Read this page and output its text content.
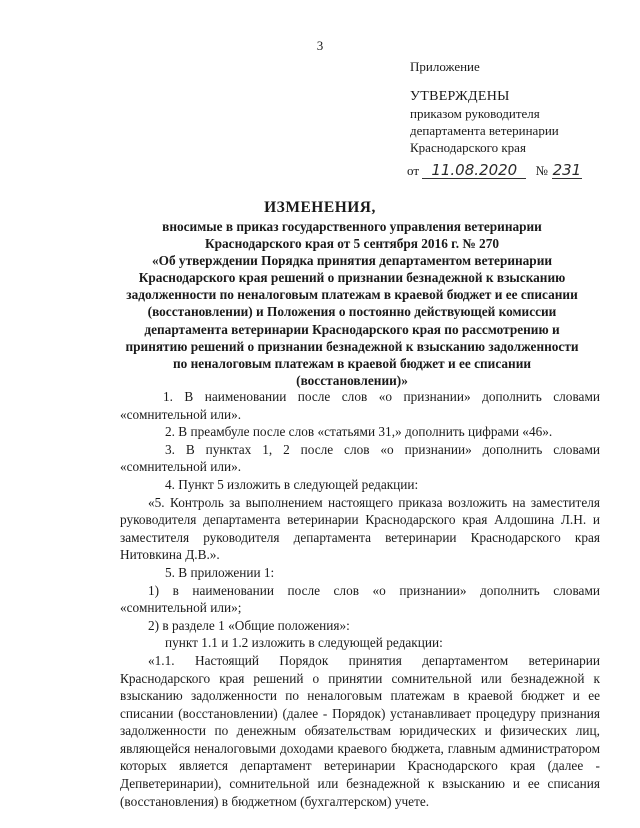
3
Приложение
УТВЕРЖДЕНЫ
приказом руководителя
департамента ветеринарии
Краснодарского края
от 11.08.2020 № 231
ИЗМЕНЕНИЯ,
вносимые в приказ государственного управления ветеринарии
Краснодарского края от 5 сентября 2016 г. № 270
«Об утверждении Порядка принятия департаментом ветеринарии
Краснодарского края решений о признании безнадежной к взысканию
задолженности по неналоговым платежам в краевой бюджет и ее списании
(восстановлении) и Положения о постоянно действующей комиссии
департамента ветеринарии Краснодарского края по рассмотрению и
принятию решений о признании безнадежной к взысканию задолженности
по неналоговым платежам в краевой бюджет и ее списании
(восстановлении)»

1. В наименовании после слов «о признании» дополнить словами «сомнительной или».

2. В преамбуле после слов «статьями 31,» дополнить цифрами «46».

3. В пунктах 1, 2 после слов «о признании» дополнить словами «сомнительной или».

4. Пункт 5 изложить в следующей редакции:

«5. Контроль за выполнением настоящего приказа возложить на заместителя руководителя департамента ветеринарии Краснодарского края Алдошина Л.Н. и заместителя руководителя департамента ветеринарии Краснодарского края Нитовкина Д.В.».

5. В приложении 1:

1) в наименовании после слов «о признании» дополнить словами «сомнительной или»;

2) в разделе 1 «Общие положения»:

пункт 1.1 и 1.2 изложить в следующей редакции:

«1.1. Настоящий Порядок принятия департаментом ветеринарии Краснодарского края решений о принятии сомнительной или безнадежной к взысканию задолженности по неналоговым платежам в краевой бюджет и ее списании (восстановлении) (далее - Порядок) устанавливает процедуру признания задолженности по денежным обязательствам юридических и физических лиц, являющейся неналоговыми доходами краевого бюджета, главным администратором которых является департамент ветеринарии Краснодарского края (далее - Депветеринарии), сомнительной или безнадежной к взысканию и ее списания (восстановления) в бюджетном (бухгалтерском) учете.
